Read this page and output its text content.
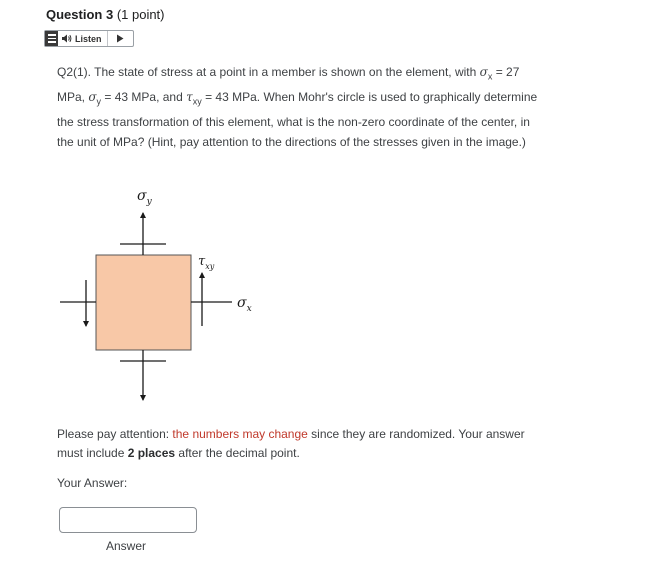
Question 3 (1 point)
Listen
Q2(1). The state of stress at a point in a member is shown on the element, with $\sigma_x = 27$ MPa, $\sigma_y = 43$ MPa, and $\tau_{xy} = 43$ MPa. When Mohr's circle is used to graphically determine the stress transformation of this element, what is the non-zero coordinate of the center, in the unit of MPa? (Hint, pay attention to the directions of the stresses given in the image.)
$\sigma_y$
$\tau_{xy}$
$\sigma_x$
Please pay attention: the numbers may change since they are randomized. Your answer must include 2 places after the decimal point.
Your Answer:
Answer
